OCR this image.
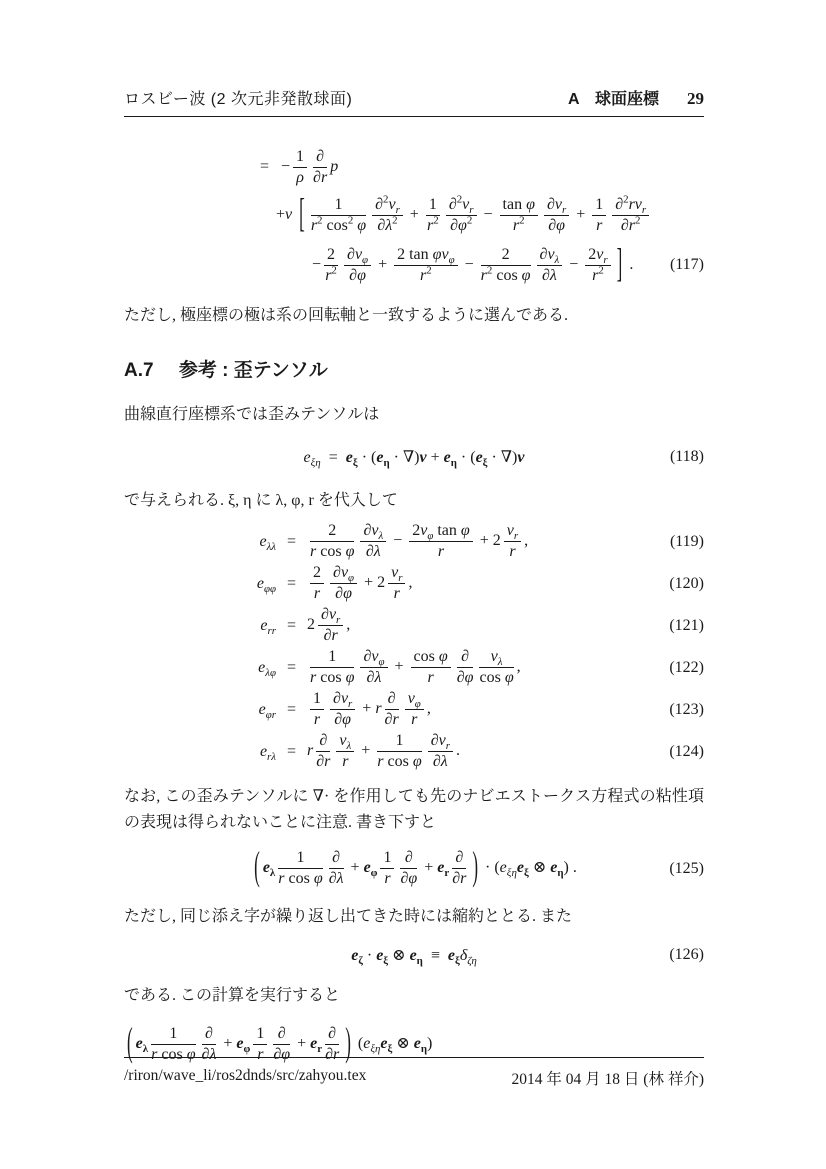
ロスビー波 (2 次元非発散球面)	A　球面座標 29
=   − $\frac{1}{\rho}$ ∂
∂r
p
+ν [ $\frac{1}{r^2 \cos^2 \varphi} \frac{\partial^2v_r}{\partial\lambda^2} + \frac{1}{r^2} \frac{\partial^2v_r}{\partial\varphi^2} - \frac{\text{tan φ}}{r^2} \frac{\partial v_r}{\partial\varphi} + \frac{1}{r} \partial^2rv_r$
$\partial r^2$
− $\frac{2}{r^2} \frac{\partial v_\varphi}{\partial\varphi}$ +
2 $\tan \varphi v_\varphi$
$r^2$	− $\frac{2}{r^2 \cos \varphi} \frac{\partial v_\lambda}{\partial\lambda} - \frac{2v_r}{r^2}$ ] . (117)

ただし, 極座標の極は系の回転軸と一致するように選んである.

A.7 参考 : 歪テンソル

曲線直行座標系では歪みテンソルは

$e_{\xi\eta} = e_\xi \cdot (e_\eta \cdot \nabla)v + e_\eta \cdot (e_\xi \cdot \nabla)v$	(118)

で与えられる. ξ, η に λ, φ, r を代入して

$e_{\lambda\lambda} = \frac{2}{\text{r cos φ}} \frac{\partial v_\lambda}{\partial\lambda} - \frac{2v_\varphi \tan \varphi}{r} + 2 \frac{v_r}{r}$ ,	(119)
$e_{\varphi\varphi} = \frac{2}{r} \frac{\partial v_\varphi}{\partial\varphi} + 2 \frac{v_r}{r}$ ,	(120)
$e_{rr} = 2 \frac{\partial v_r}{\partial r}$ ,	(121)
$e_{\lambda\varphi} = \frac{1}{\text{r cos φ}} \frac{\partial v_\varphi}{\partial\lambda} + \frac{\text{cos φ}}{r}$ ∂
$\partial\varphi \frac{v_\lambda}{\text{cos φ}}$ ,	(122)
$e_{\varphi r} = \frac{1}{r} \frac{\partial v_r}{\partial\varphi} + r$
∂
$\partial r \frac{v_\varphi}{r}$ ,	(123)
$e_{r\lambda} = r$
∂
$\partial r \frac{v_\lambda}{r} + \frac{1}{\text{r cos φ}} \frac{\partial v_r}{\partial\lambda}$ .	(124)

なお, この歪みテンソルに ∇· を作用しても先のナビエストークス方程式の粘性項の表現は得られないことに注意. 書き下すと

( $e_\lambda \frac{1}{\text{r cos φ}}$ ∂
∂λ
+ $e_\varphi \frac{1}{r}$ ∂
∂φ
+ $e_r$
∂
∂r ) · ($e_{\xi\eta}e_\xi$ ⊗ $e_\eta$) .	(125)

ただし, 同じ添え字が繰り返し出てきた時には縮約ととる. また

$e_\zeta \cdot e_\xi$ ⊗ $e_\eta \equiv e_\xi\delta_{\zeta\eta}$	(126)

である. この計算を実行すると

( $e_\lambda \frac{1}{\text{r cos φ}}$ ∂
∂λ
+ $e_\varphi \frac{1}{r}$ ∂
∂φ
+ $e_r$
∂
∂r ) ($e_{\xi\eta}e_\xi$ ⊗ $e_\eta$)
/riron/wave_li/ros2dnds/src/zahyou.tex	2014 年 04 月 18 日 (林 祥介)
